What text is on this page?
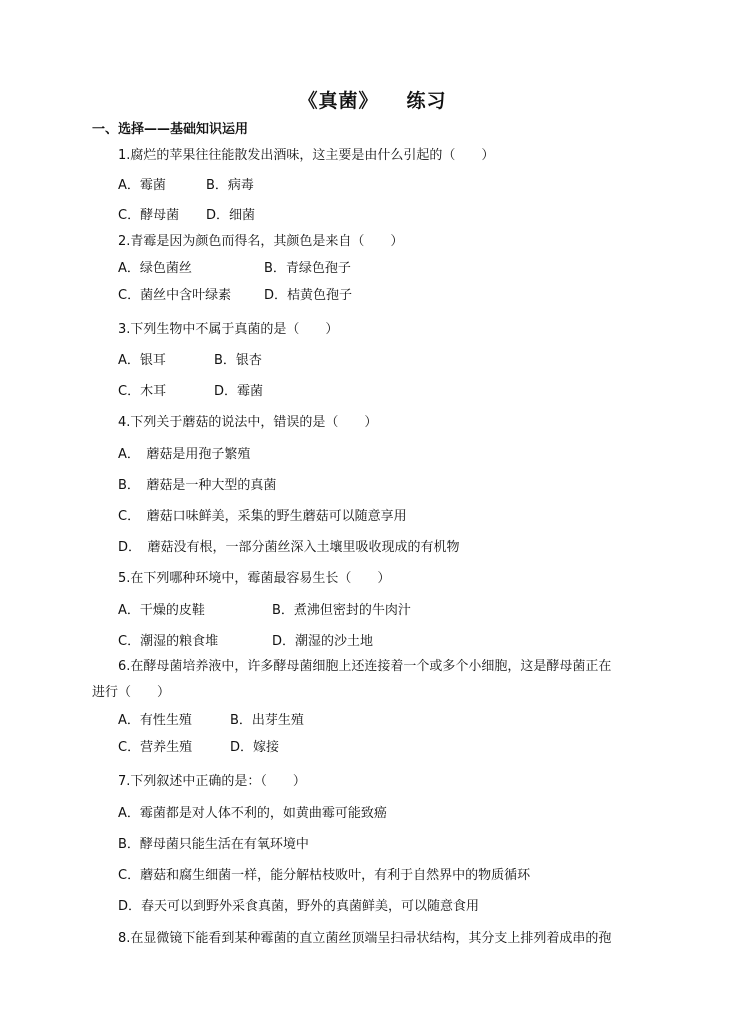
《真菌》 练习
一、选择——基础知识运用
1.腐烂的苹果往往能散发出酒味，这主要是由什么引起的（　　）
A．霉菌	B．病毒
C．酵母菌 D．细菌
2.青霉是因为颜色而得名，其颜色是来自（　　）
A．绿色菌丝	B．青绿色孢子
C．菌丝中含叶绿素	D．桔黄色孢子
3.下列生物中不属于真菌的是（　　）
A．银耳	B．银杏
C．木耳	D．霉菌
4.下列关于蘑菇的说法中，错误的是（　　）
A．　蘑菇是用孢子繁殖
B．　蘑菇是一种大型的真菌
C．　蘑菇口味鲜美，采集的野生蘑菇可以随意享用
D．　蘑菇没有根，一部分菌丝深入土壤里吸收现成的有机物
5.在下列哪种环境中，霉菌最容易生长（　　）
A．干燥的皮鞋	B．煮沸但密封的牛肉汁
C．潮湿的粮食堆	D．潮湿的沙土地
6.在酵母菌培养液中，许多酵母菌细胞上还连接着一个或多个小细胞，这是酵母菌正在
进行（　　）
A．有性生殖	B．出芽生殖
C．营养生殖	D．嫁接
7.下列叙述中正确的是：（　　）
A．霉菌都是对人体不利的，如黄曲霉可能致癌
B．酵母菌只能生活在有氧环境中
C．蘑菇和腐生细菌一样，能分解枯枝败叶，有利于自然界中的物质循环
D．春天可以到野外采食真菌，野外的真菌鲜美，可以随意食用
8.在显微镜下能看到某种霉菌的直立菌丝顶端呈扫帚状结构，其分支上排列着成串的孢
